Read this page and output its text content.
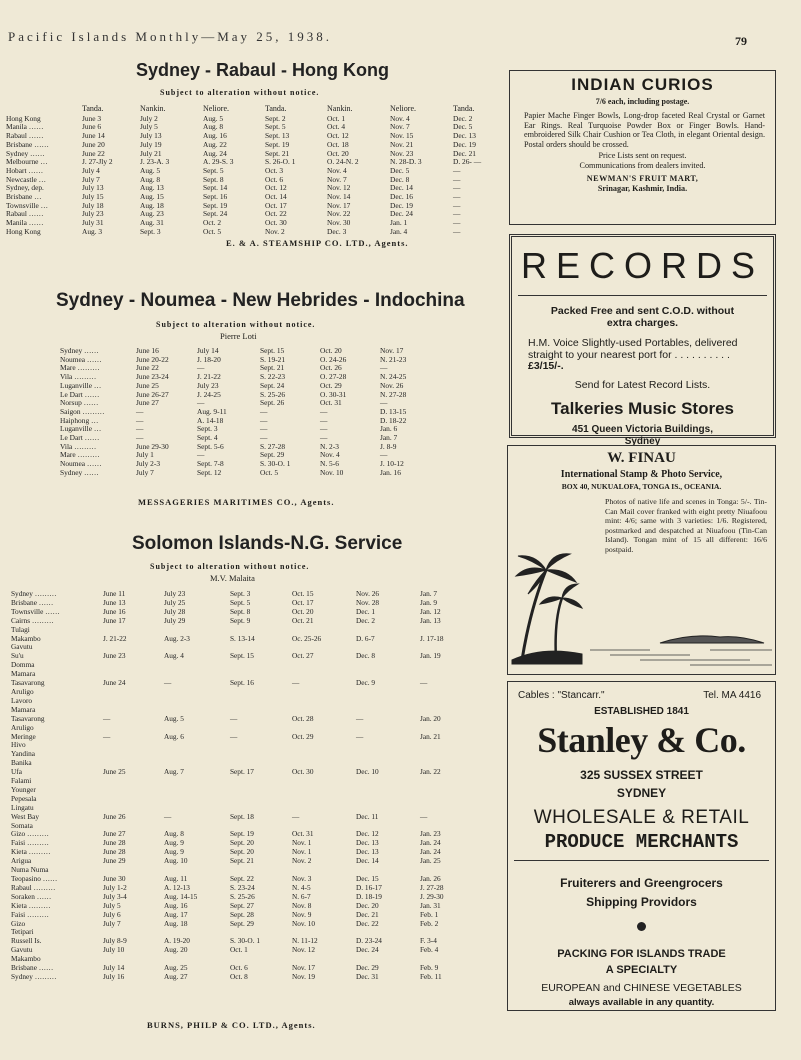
Pacific Islands Monthly—May 25, 1938.	79
Sydney - Rabaul - Hong Kong
Subject to alteration without notice.
	Tanda.	Nankin.	Neliore.	Tanda.	Nankin.	Neliore.	Tanda.
Hong Kong	June 3	July 2	Aug. 5	Sept. 2	Oct. 1	Nov. 4	Dec. 2
Manila ……	June 6	July 5	Aug. 8	Sept. 5	Oct. 4	Nov. 7	Dec. 5
Rabaul ……	June 14	July 13	Aug. 16	Sept. 13	Oct. 12	Nov. 15	Dec. 13
Brisbane ……	June 20	July 19	Aug. 22	Sept. 19	Oct. 18	Nov. 21	Dec. 19
Sydney ……	June 22	July 21	Aug. 24	Sept. 21	Oct. 20	Nov. 23	Dec. 21
Melbourne …	J. 27-Jly 2	J. 23-A. 3	A. 29-S. 3	S. 26-O. 1	O. 24-N. 2	N. 28-D. 3	D. 26- —
Hobart ……	July 4	Aug. 5	Sept. 5	Oct. 3	Nov. 4	Dec. 5	—
Newcastle …	July 7	Aug. 8	Sept. 8	Oct. 6	Nov. 7	Dec. 8	—
Sydney, dep.	July 13	Aug. 13	Sept. 14	Oct. 12	Nov. 12	Dec. 14	—
Brisbane …	July 15	Aug. 15	Sept. 16	Oct. 14	Nov. 14	Dec. 16	—
Townsville …	July 18	Aug. 18	Sept. 19	Oct. 17	Nov. 17	Dec. 19	—
Rabaul ……	July 23	Aug. 23	Sept. 24	Oct. 22	Nov. 22	Dec. 24	—
Manila ……	July 31	Aug. 31	Oct. 2	Oct. 30	Nov. 30	Jan. 1	—
Hong Kong	Aug. 3	Sept. 3	Oct. 5	Nov. 2	Dec. 3	Jan. 4	—
E. & A. STEAMSHIP CO. LTD., Agents.
Sydney - Noumea - New Hebrides - Indochina
Subject to alteration without notice.
Pierre Loti
Sydney ……	June 16	July 14	Sept. 15	Oct. 20	Nov. 17
Noumea ……	June 20-22	J. 18-20	S. 19-21	O. 24-26	N. 21-23
Mare ………	June 22	—	Sept. 21	Oct. 26	—
Vila ………	June 23-24	J. 21-22	S. 22-23	O. 27-28	N. 24-25
Luganville …	June 25	July 23	Sept. 24	Oct. 29	Nov. 26
Le Dart ……	June 26-27	J. 24-25	S. 25-26	O. 30-31	N. 27-28
Norsup ……	June 27	—	Sept. 26	Oct. 31	—
Saigon ………	—	Aug. 9-11	—	—	D. 13-15
Haiphong …	—	A. 14-18	—	—	D. 18-22
Luganville …	—	Sept. 3	—	—	Jan. 6
Le Dart ……	—	Sept. 4	—	—	Jan. 7
Vila ………	June 29-30	Sept. 5-6	S. 27-28	N. 2-3	J. 8-9
Mare ………	July 1	—	Sept. 29	Nov. 4	—
Noumea ……	July 2-3	Sept. 7-8	S. 30-O. 1	N. 5-6	J. 10-12
Sydney ……	July 7	Sept. 12	Oct. 5	Nov. 10	Jan. 16
MESSAGERIES MARITIMES CO., Agents.
Solomon Islands-N.G. Service
Subject to alteration without notice.
M.V. Malaita
Sydney ………	June 11	July 23	Sept. 3	Oct. 15	Nov. 26	Jan. 7
Brisbane ……	June 13	July 25	Sept. 5	Oct. 17	Nov. 28	Jan. 9
Townsville ……	June 16	July 28	Sept. 8	Oct. 20	Dec. 1	Jan. 12
Cairns ………	June 17	July 29	Sept. 9	Oct. 21	Dec. 2	Jan. 13
Tulagi						
Makambo	J. 21-22	Aug. 2-3	S. 13-14	Oc. 25-26	D. 6-7	J. 17-18
Gavutu						
Su'u	June 23	Aug. 4	Sept. 15	Oct. 27	Dec. 8	Jan. 19
Domma						
Mamara						
Tasavarong	June 24	—	Sept. 16	—	Dec. 9	—
Aruligo						
Lavoro						
Mamara						
Tasavarong	—	Aug. 5	—	Oct. 28	—	Jan. 20
Aruligo						
Meringe	—	Aug. 6	—	Oct. 29	—	Jan. 21
Hivo						
Yandina						
Banika						
Ufa	June 25	Aug. 7	Sept. 17	Oct. 30	Dec. 10	Jan. 22
Falami						
Younger						
Pepesala						
Lingatu						
West Bay	June 26	—	Sept. 18	—	Dec. 11	—
Somata						
Gizo ………	June 27	Aug. 8	Sept. 19	Oct. 31	Dec. 12	Jan. 23
Faisi ………	June 28	Aug. 9	Sept. 20	Nov. 1	Dec. 13	Jan. 24
Kieta ………	June 28	Aug. 9	Sept. 20	Nov. 1	Dec. 13	Jan. 24
Arigua	June 29	Aug. 10	Sept. 21	Nov. 2	Dec. 14	Jan. 25
Numa Numa						
Teopasino ……	June 30	Aug. 11	Sept. 22	Nov. 3	Dec. 15	Jan. 26
Rabaul ………	July 1-2	A. 12-13	S. 23-24	N. 4-5	D. 16-17	J. 27-28
Soraken ……	July 3-4	Aug. 14-15	S. 25-26	N. 6-7	D. 18-19	J. 29-30
Kieta ………	July 5	Aug. 16	Sept. 27	Nov. 8	Dec. 20	Jan. 31
Faisi ………	July 6	Aug. 17	Sept. 28	Nov. 9	Dec. 21	Feb. 1
Gizo	July 7	Aug. 18	Sept. 29	Nov. 10	Dec. 22	Feb. 2
Tetipari						
Russell Is.	July 8-9	A. 19-20	S. 30-O. 1	N. 11-12	D. 23-24	F. 3-4
Gavutu	July 10	Aug. 20	Oct. 1	Nov. 12	Dec. 24	Feb. 4
Makambo						
Brisbane ……	July 14	Aug. 25	Oct. 6	Nov. 17	Dec. 29	Feb. 9
Sydney ………	July 16	Aug. 27	Oct. 8	Nov. 19	Dec. 31	Feb. 11
BURNS, PHILP & CO. LTD., Agents.
INDIAN CURIOS
7/6 each, including postage.
Papier Mache Finger Bowls, Long-drop faceted Real Crystal or Garnet Ear Rings. Real Turquoise Powder Box or Finger Bowls. Hand-embroidered Silk Chair Cushion or Tea Cloth, in elegant Oriental design. Postal orders should be crossed.
Price Lists sent on request.
Communications from dealers invited.
NEWMAN'S FRUIT MART,
Srinagar, Kashmir, India.
RECORDS
Packed Free and sent C.O.D. without extra charges.
H.M. Voice Slightly-used Portables, delivered straight to your nearest port for . . . . . . . . . . £3/15/-.
Send for Latest Record Lists.
Talkeries Music Stores
451 Queen Victoria Buildings, Sydney
W. FINAU
International Stamp & Photo Service,
BOX 40, NUKUALOFA, TONGA IS., OCEANIA.
Photos of native life and scenes in Tonga: 5/-. Tin-Can Mail cover franked with eight pretty Niuafoou mint: 4/6; same with 3 varieties: 1/6. Registered, postmarked and despatched at Niuafoou (Tin-Can Island). Tongan mint of 15 all different: 16/6 postpaid.
Cables : "Stancarr."	Tel. MA 4416
ESTABLISHED 1841
Stanley & Co.
325 SUSSEX STREET
SYDNEY
WHOLESALE & RETAIL
PRODUCE MERCHANTS
Fruiterers and Greengrocers
Shipping Providors
PACKING FOR ISLANDS TRADE
A SPECIALTY
EUROPEAN and CHINESE VEGETABLES
always available in any quantity.
